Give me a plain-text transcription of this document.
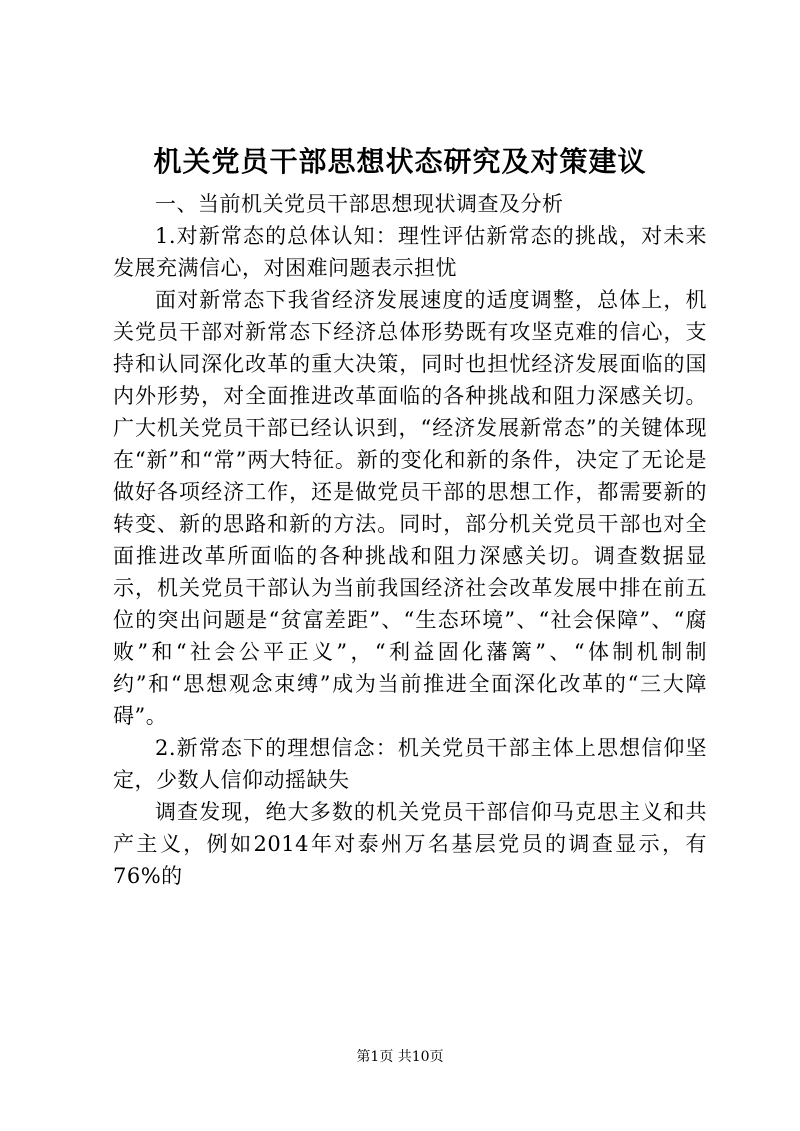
机关党员干部思想状态研究及对策建议

一、当前机关党员干部思想现状调查及分析

1.对新常态的总体认知：理性评估新常态的挑战，对未来发展充满信心，对困难问题表示担忧

面对新常态下我省经济发展速度的适度调整，总体上，机关党员干部对新常态下经济总体形势既有攻坚克难的信心，支持和认同深化改革的重大决策，同时也担忧经济发展面临的国内外形势，对全面推进改革面临的各种挑战和阻力深感关切。广大机关党员干部已经认识到，“经济发展新常态”的关键体现在“新”和“常”两大特征。新的变化和新的条件，决定了无论是做好各项经济工作，还是做党员干部的思想工作，都需要新的转变、新的思路和新的方法。同时，部分机关党员干部也对全面推进改革所面临的各种挑战和阻力深感关切。调查数据显示，机关党员干部认为当前我国经济社会改革发展中排在前五位的突出问题是“贫富差距”、“生态环境”、“社会保障”、“腐败”和“社会公平正义”，“利益固化藩篱”、“体制机制制约”和“思想观念束缚”成为当前推进全面深化改革的“三大障碍”。

2.新常态下的理想信念：机关党员干部主体上思想信仰坚定，少数人信仰动摇缺失

调查发现，绝大多数的机关党员干部信仰马克思主义和共产主义，例如2014年对泰州万名基层党员的调查显示，有76%的

第1页 共10页
